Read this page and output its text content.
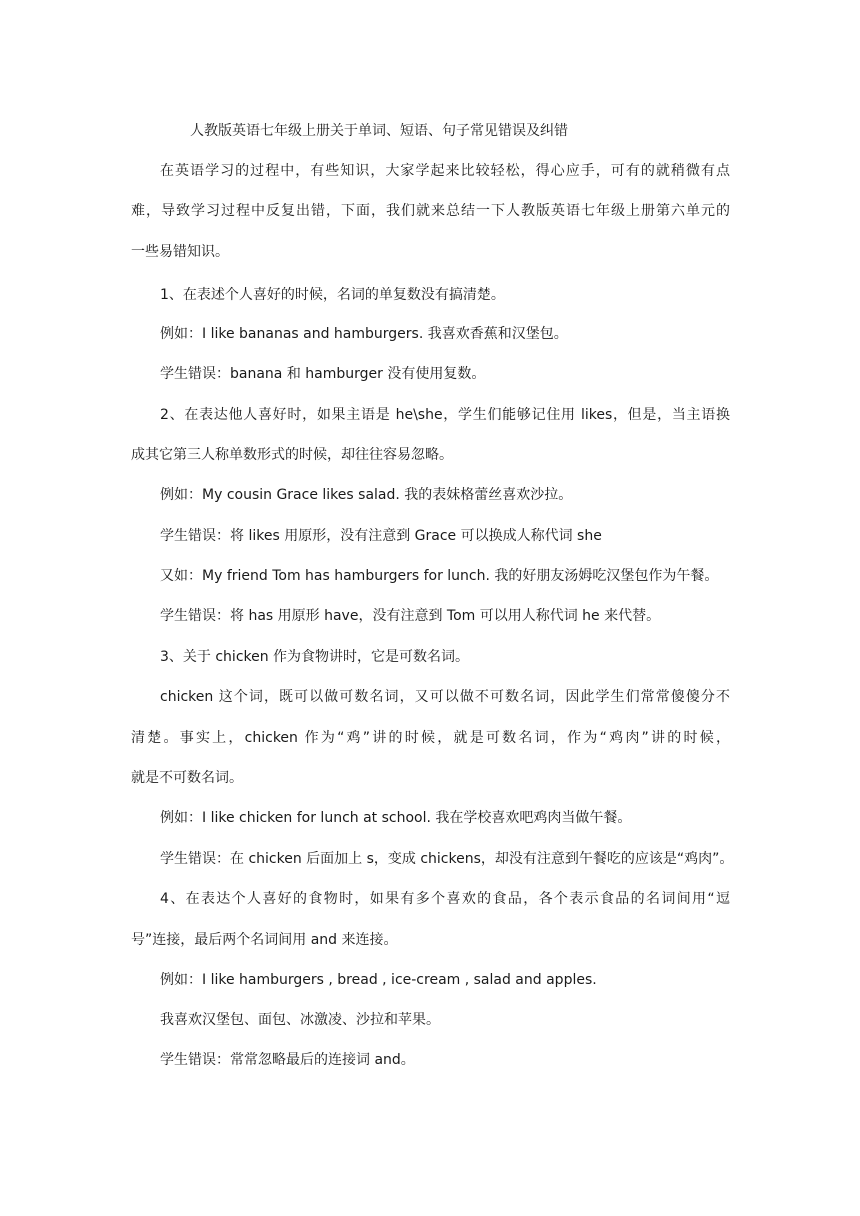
人教版英语七年级上册关于单词、短语、句子常见错误及纠错
在英语学习的过程中，有些知识，大家学起来比较轻松，得心应手，可有的就稍微有点
难，导致学习过程中反复出错，下面，我们就来总结一下人教版英语七年级上册第六单元的
一些易错知识。
1、在表述个人喜好的时候，名词的单复数没有搞清楚。
例如：I like bananas and hamburgers. 我喜欢香蕉和汉堡包。
学生错误：banana 和 hamburger 没有使用复数。
2、在表达他人喜好时，如果主语是 he\she，学生们能够记住用 likes，但是，当主语换
成其它第三人称单数形式的时候，却往往容易忽略。
例如：My cousin Grace likes salad. 我的表妹格蕾丝喜欢沙拉。
学生错误：将 likes 用原形，没有注意到 Grace 可以换成人称代词 she
又如：My friend Tom has hamburgers for lunch. 我的好朋友汤姆吃汉堡包作为午餐。
学生错误：将 has 用原形 have，没有注意到 Tom 可以用人称代词 he 来代替。
3、关于 chicken 作为食物讲时，它是可数名词。
chicken 这个词，既可以做可数名词，又可以做不可数名词，因此学生们常常傻傻分不
清楚。事实上，chicken 作为“鸡”讲的时候，就是可数名词，作为“鸡肉”讲的时候，
就是不可数名词。
例如：I like chicken for lunch at school. 我在学校喜欢吧鸡肉当做午餐。
学生错误：在 chicken 后面加上 s，变成 chickens，却没有注意到午餐吃的应该是“鸡肉”。
4、在表达个人喜好的食物时，如果有多个喜欢的食品，各个表示食品的名词间用“逗
号”连接，最后两个名词间用 and 来连接。
例如：I like hamburgers , bread , ice-cream , salad and apples.
我喜欢汉堡包、面包、冰激凌、沙拉和苹果。
学生错误：常常忽略最后的连接词 and。
